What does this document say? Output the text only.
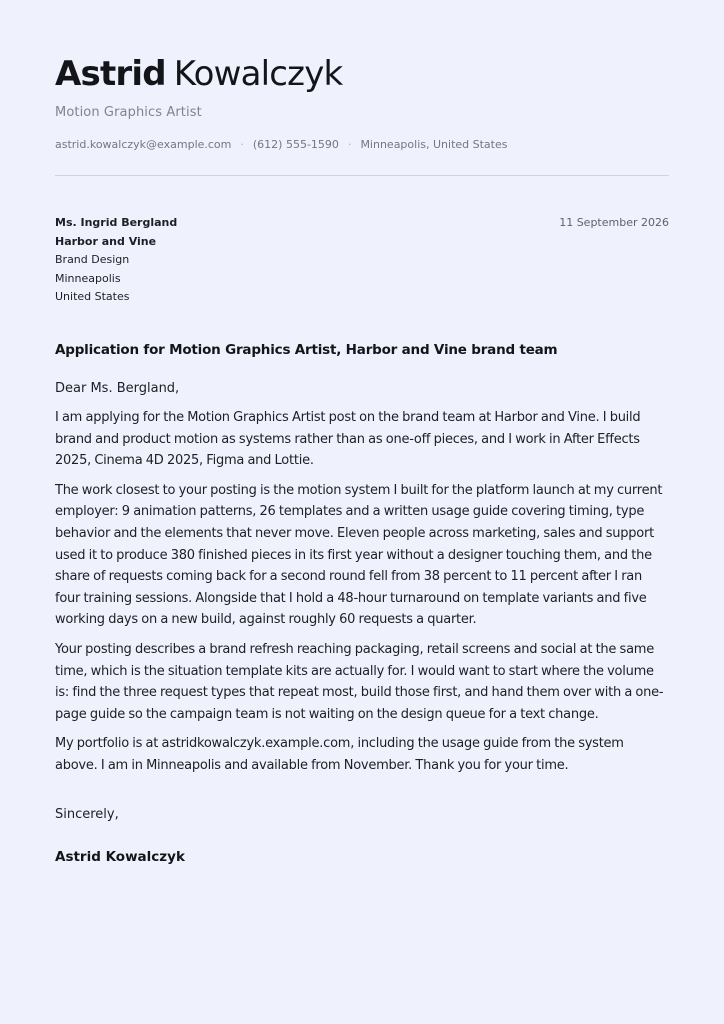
Astrid Kowalczyk
Motion Graphics Artist
astrid.kowalczyk@example.com · (612) 555-1590 · Minneapolis, United States
Ms. Ingrid Bergland
Harbor and Vine
Brand Design
Minneapolis
United States
11 September 2026
Application for Motion Graphics Artist, Harbor and Vine brand team
Dear Ms. Bergland,

I am applying for the Motion Graphics Artist post on the brand team at Harbor and Vine. I build brand and product motion as systems rather than as one-off pieces, and I work in After Effects 2025, Cinema 4D 2025, Figma and Lottie.

The work closest to your posting is the motion system I built for the platform launch at my current employer: 9 animation patterns, 26 templates and a written usage guide covering timing, type behavior and the elements that never move. Eleven people across marketing, sales and support used it to produce 380 finished pieces in its first year without a designer touching them, and the share of requests coming back for a second round fell from 38 percent to 11 percent after I ran four training sessions. Alongside that I hold a 48-hour turnaround on template variants and five working days on a new build, against roughly 60 requests a quarter.

Your posting describes a brand refresh reaching packaging, retail screens and social at the same time, which is the situation template kits are actually for. I would want to start where the volume is: find the three request types that repeat most, build those first, and hand them over with a one-page guide so the campaign team is not waiting on the design queue for a text change.

My portfolio is at astridkowalczyk.example.com, including the usage guide from the system above. I am in Minneapolis and available from November. Thank you for your time.

Sincerely,
Astrid Kowalczyk
